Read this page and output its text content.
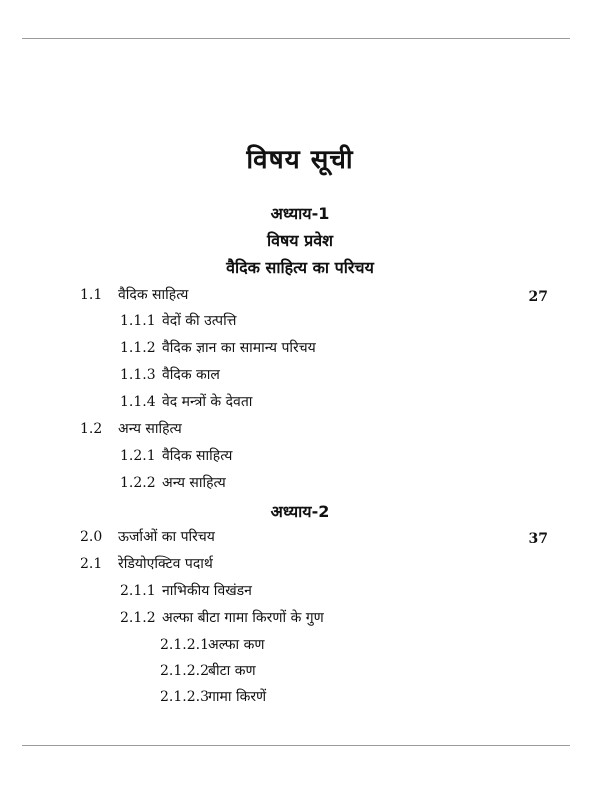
विषय सूची
अध्याय-1
विषय प्रवेश
वैदिक साहित्य का परिचय
1.1 वैदिक साहित्य	27
1.1.1 वेदों की उत्पत्ति
1.1.2 वैदिक ज्ञान का सामान्य परिचय
1.1.3 वैदिक काल
1.1.4 वेद मन्त्रों के देवता
1.2 अन्य साहित्य
1.2.1 वैदिक साहित्य
1.2.2 अन्य साहित्य
अध्याय-2
2.0 ऊर्जाओं का परिचय	37
2.1 रेडियोएक्टिव पदार्थ
2.1.1 नाभिकीय विखंडन
2.1.2 अल्फा बीटा गामा किरणों के गुण
2.1.2.1अल्फा कण
2.1.2.2बीटा कण
2.1.2.3गामा किरणें
